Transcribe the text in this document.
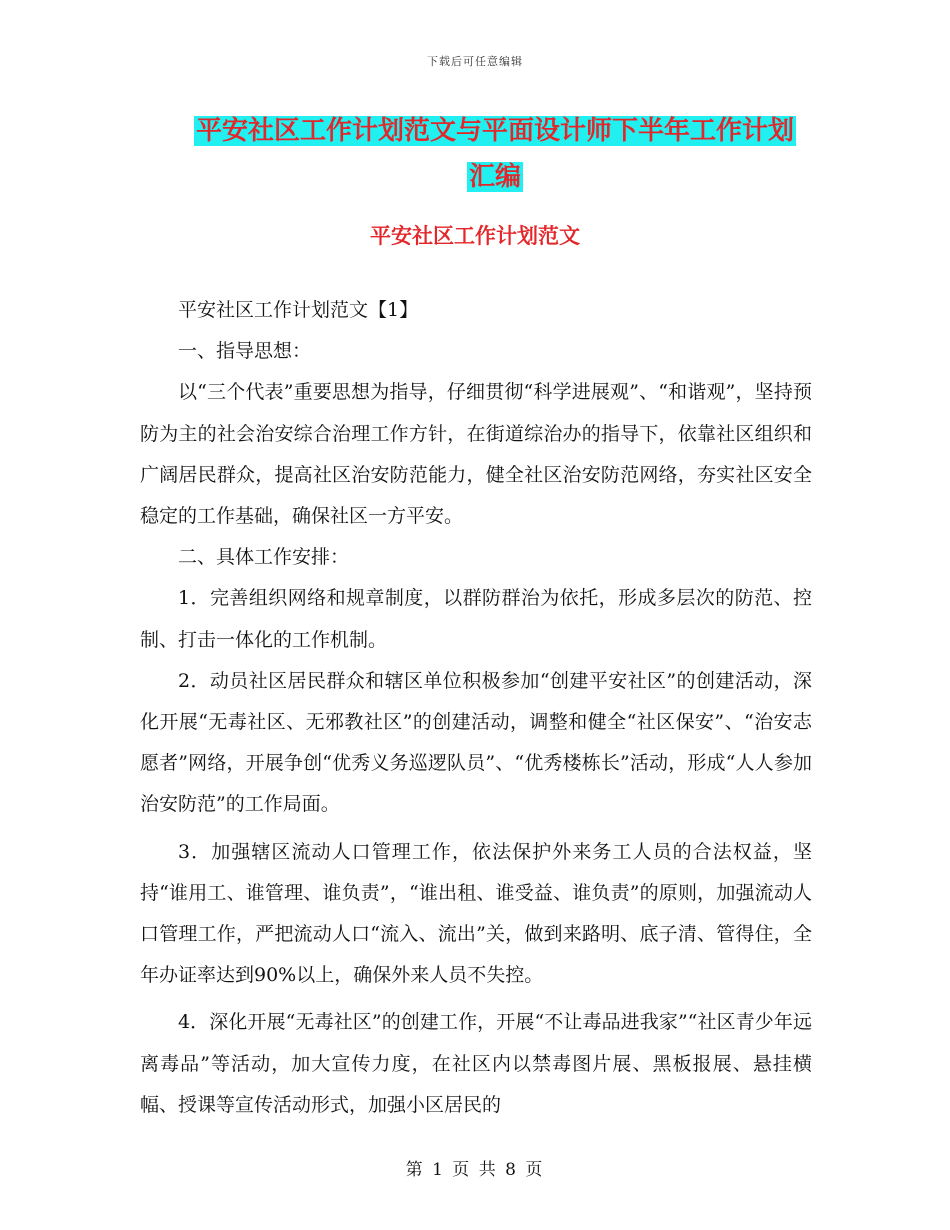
下载后可任意编辑
平安社区工作计划范文与平面设计师下半年工作计划
汇编
平安社区工作计划范文

平安社区工作计划范文【1】

一、指导思想：

以“三个代表”重要思想为指导，仔细贯彻“科学进展观”、“和谐观”，坚持预防为主的社会治安综合治理工作方针，在街道综治办的指导下，依靠社区组织和广阔居民群众，提高社区治安防范能力，健全社区治安防范网络，夯实社区安全稳定的工作基础，确保社区一方平安。

二、具体工作安排：

1．完善组织网络和规章制度，以群防群治为依托，形成多层次的防范、控制、打击一体化的工作机制。

2．动员社区居民群众和辖区单位积极参加“创建平安社区”的创建活动，深化开展“无毒社区、无邪教社区”的创建活动，调整和健全“社区保安”、“治安志愿者”网络，开展争创“优秀义务巡逻队员”、“优秀楼栋长”活动，形成“人人参加治安防范”的工作局面。

3．加强辖区流动人口管理工作，依法保护外来务工人员的合法权益，坚持“谁用工、谁管理、谁负责”，“谁出租、谁受益、谁负责”的原则，加强流动人口管理工作，严把流动人口“流入、流出”关，做到来路明、底子清、管得住，全年办证率达到90%以上，确保外来人员不失控。

4．深化开展“无毒社区”的创建工作，开展“不让毒品进我家”“社区青少年远离毒品”等活动，加大宣传力度，在社区内以禁毒图片展、黑板报展、悬挂横幅、授课等宣传活动形式，加强小区居民的

第 1 页 共 8 页
